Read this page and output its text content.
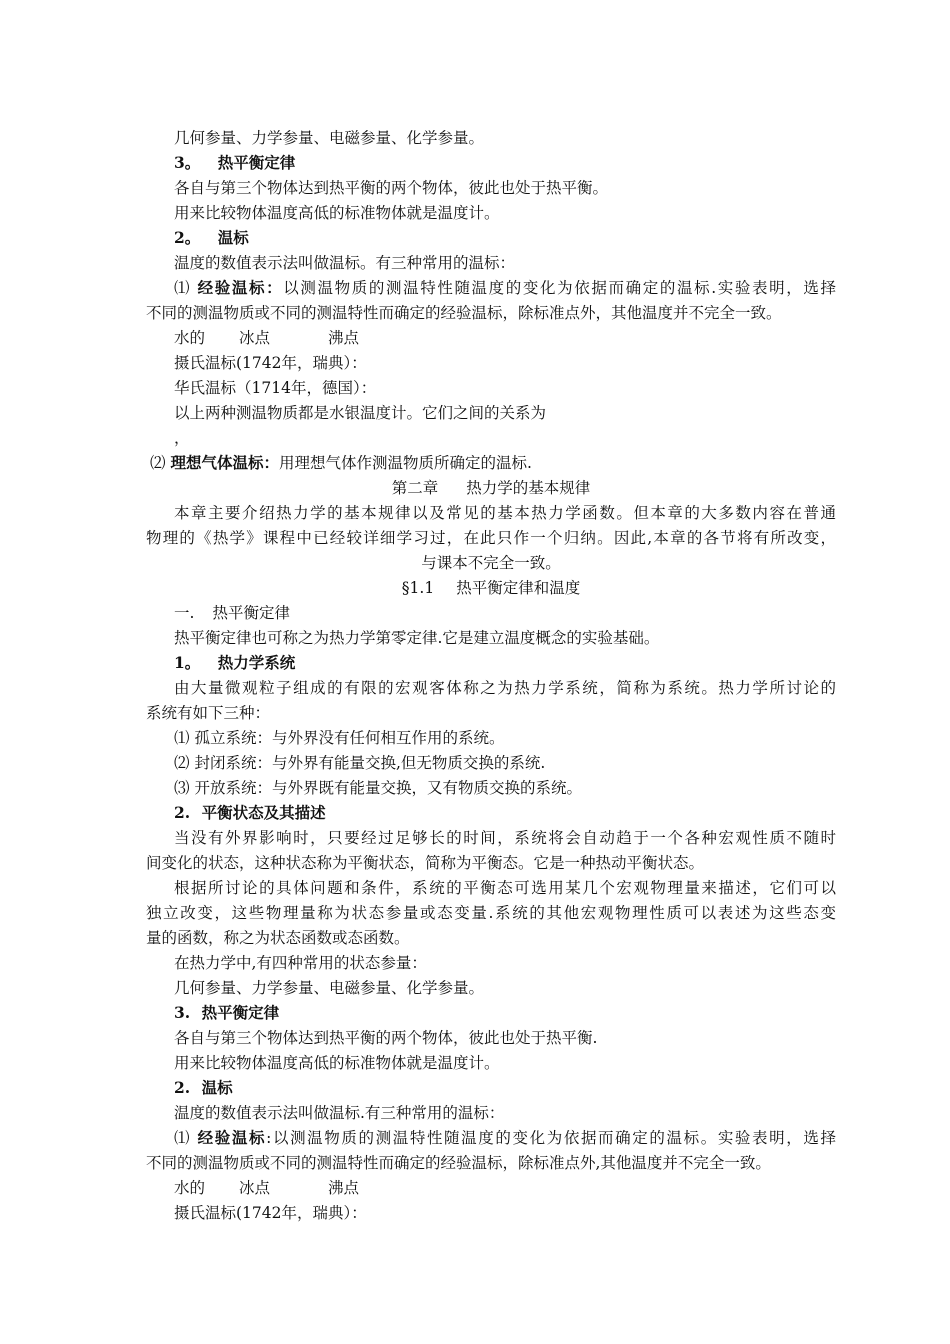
几何参量、力学参量、电磁参量、化学参量。
3。 热平衡定律
各自与第三个物体达到热平衡的两个物体，彼此也处于热平衡。
用来比较物体温度高低的标准物体就是温度计。
2。 温标
温度的数值表示法叫做温标。有三种常用的温标：
⑴ 经验温标：以测温物质的测温特性随温度的变化为依据而确定的温标.实验表明，选择
不同的测温物质或不同的测温特性而确定的经验温标，除标准点外，其他温度并不完全一致。
水的 冰点	沸点
摄氏温标(1742年，瑞典）：
华氏温标（1714年，德国）：
以上两种测温物质都是水银温度计。它们之间的关系为
，
⑵ 理想气体温标：用理想气体作测温物质所确定的温标.
第二章 热力学的基本规律
本章主要介绍热力学的基本规律以及常见的基本热力学函数。但本章的大多数内容在普通
物理的《热学》课程中已经较详细学习过，在此只作一个归纳。因此,本章的各节将有所改变，
与课本不完全一致。
§1.1 热平衡定律和温度
一. 热平衡定律
热平衡定律也可称之为热力学第零定律.它是建立温度概念的实验基础。
1。 热力学系统
由大量微观粒子组成的有限的宏观客体称之为热力学系统，简称为系统。热力学所讨论的
系统有如下三种：
⑴ 孤立系统：与外界没有任何相互作用的系统。
⑵ 封闭系统：与外界有能量交换,但无物质交换的系统.
⑶ 开放系统：与外界既有能量交换，又有物质交换的系统。
2. 平衡状态及其描述
当没有外界影响时，只要经过足够长的时间，系统将会自动趋于一个各种宏观性质不随时
间变化的状态，这种状态称为平衡状态，简称为平衡态。它是一种热动平衡状态。
根据所讨论的具体问题和条件，系统的平衡态可选用某几个宏观物理量来描述，它们可以
独立改变，这些物理量称为状态参量或态变量.系统的其他宏观物理性质可以表述为这些态变
量的函数，称之为状态函数或态函数。
在热力学中,有四种常用的状态参量：
几何参量、力学参量、电磁参量、化学参量。
3. 热平衡定律
各自与第三个物体达到热平衡的两个物体，彼此也处于热平衡.
用来比较物体温度高低的标准物体就是温度计。
2. 温标
温度的数值表示法叫做温标.有三种常用的温标：
⑴ 经验温标:以测温物质的测温特性随温度的变化为依据而确定的温标。实验表明，选择
不同的测温物质或不同的测温特性而确定的经验温标，除标准点外,其他温度并不完全一致。
水的 冰点	沸点
摄氏温标(1742年，瑞典）：
